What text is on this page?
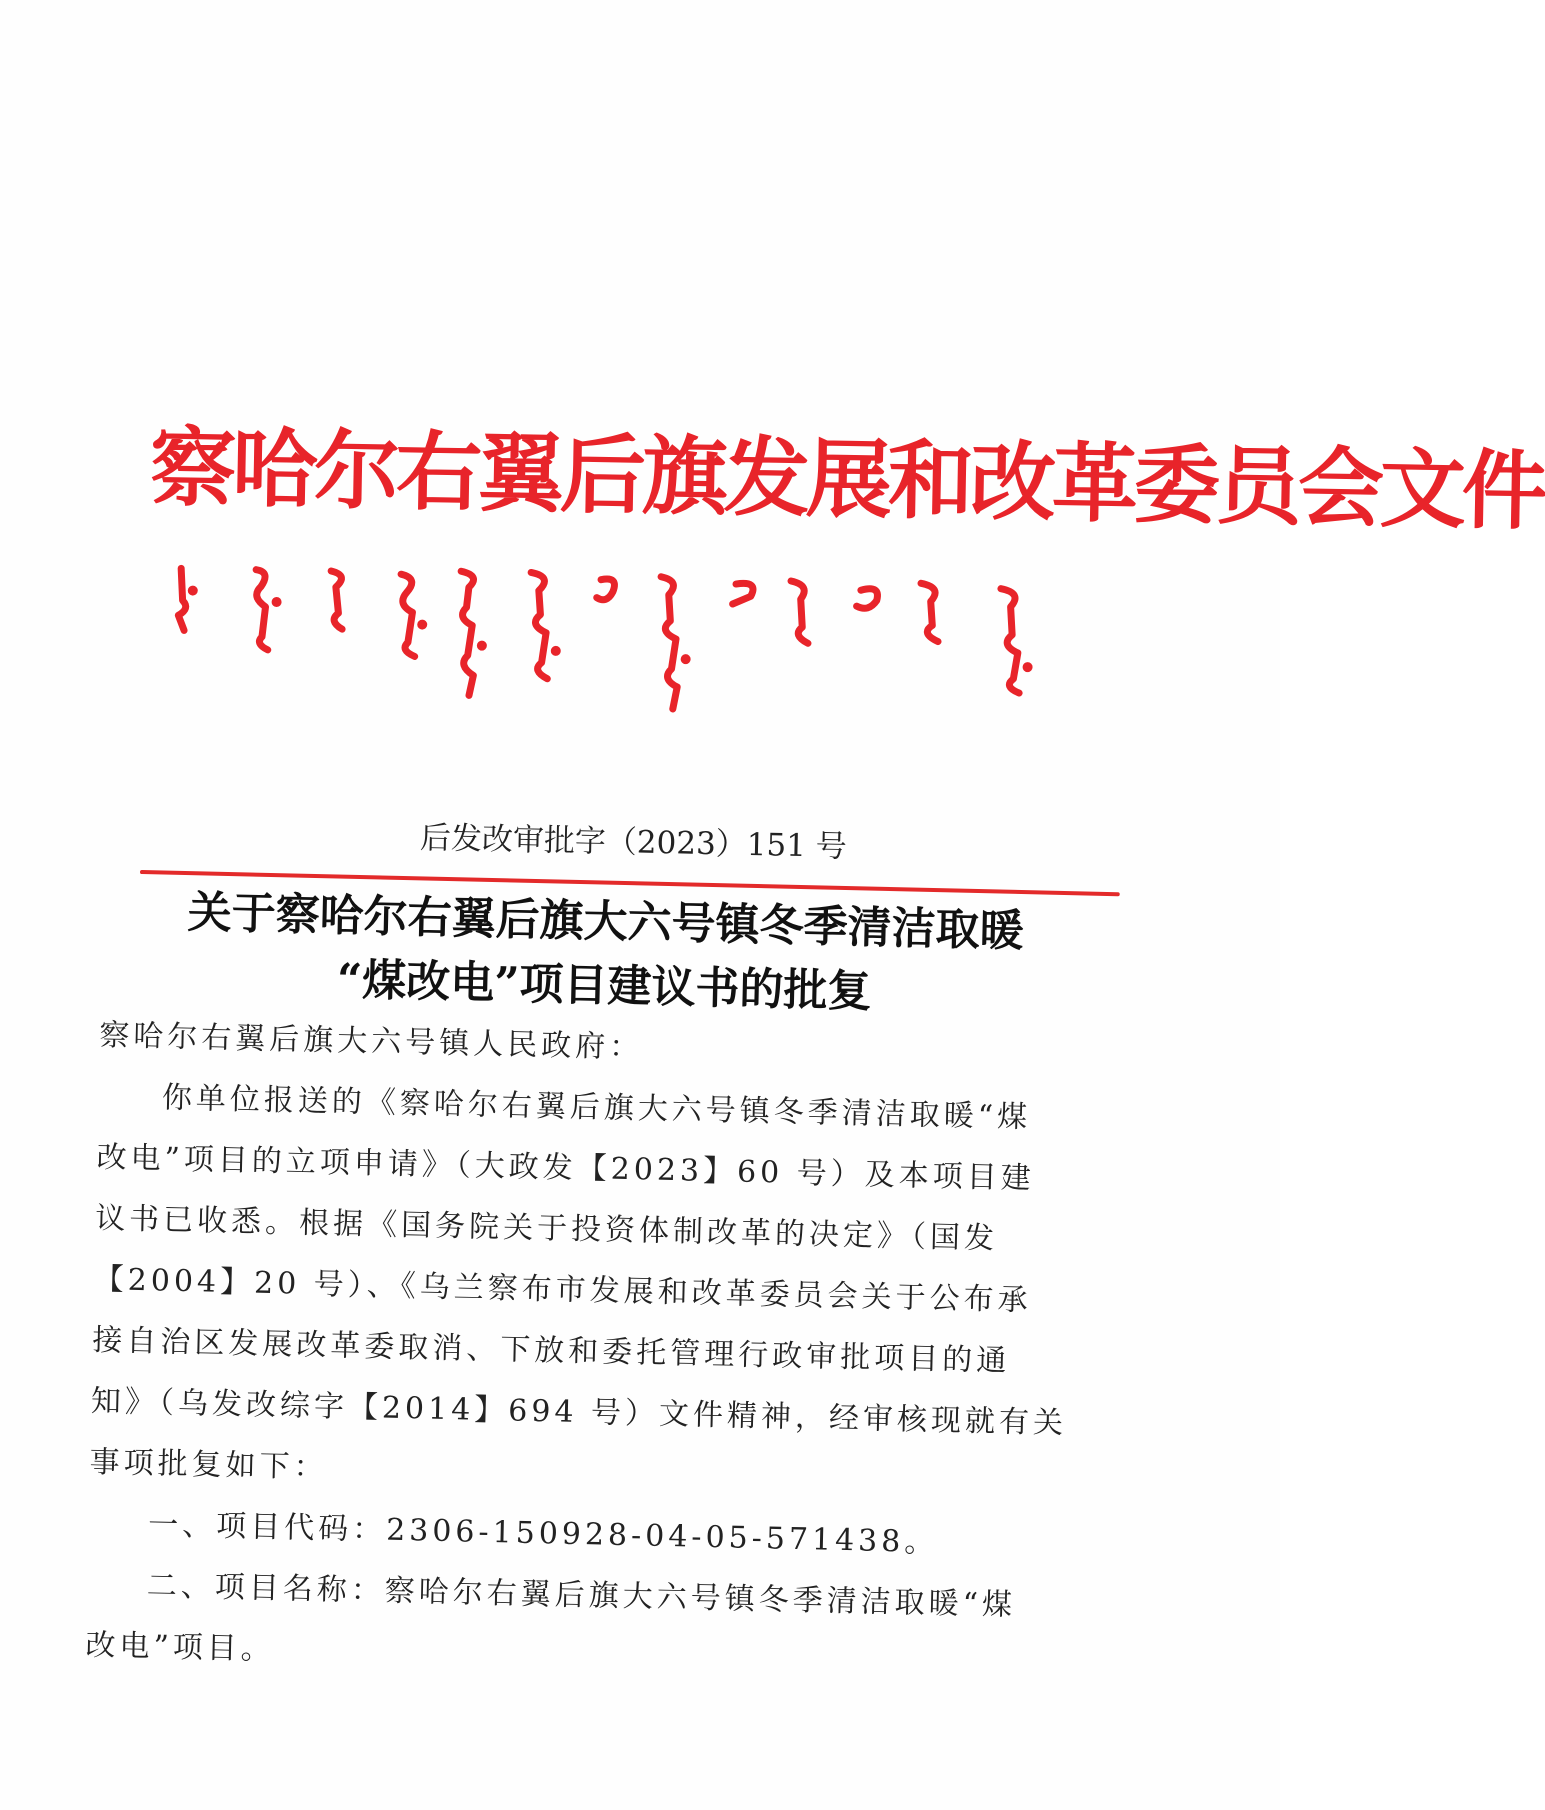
察哈尔右翼后旗发展和改革委员会文件
后发改审批字（2023）151 号
关于察哈尔右翼后旗大六号镇冬季清洁取暖
“煤改电”项目建议书的批复
察哈尔右翼后旗大六号镇人民政府：
你单位报送的《察哈尔右翼后旗大六号镇冬季清洁取暖“煤
改电”项目的立项申请》（大政发【2023】60 号）及本项目建
议书已收悉。根据《国务院关于投资体制改革的决定》（国发
【2004】20 号）、《乌兰察布市发展和改革委员会关于公布承
接自治区发展改革委取消、下放和委托管理行政审批项目的通
知》（乌发改综字【2014】694 号）文件精神，经审核现就有关
事项批复如下：
一、项目代码：2306-150928-04-05-571438。
二、项目名称：察哈尔右翼后旗大六号镇冬季清洁取暖“煤
改电”项目。
